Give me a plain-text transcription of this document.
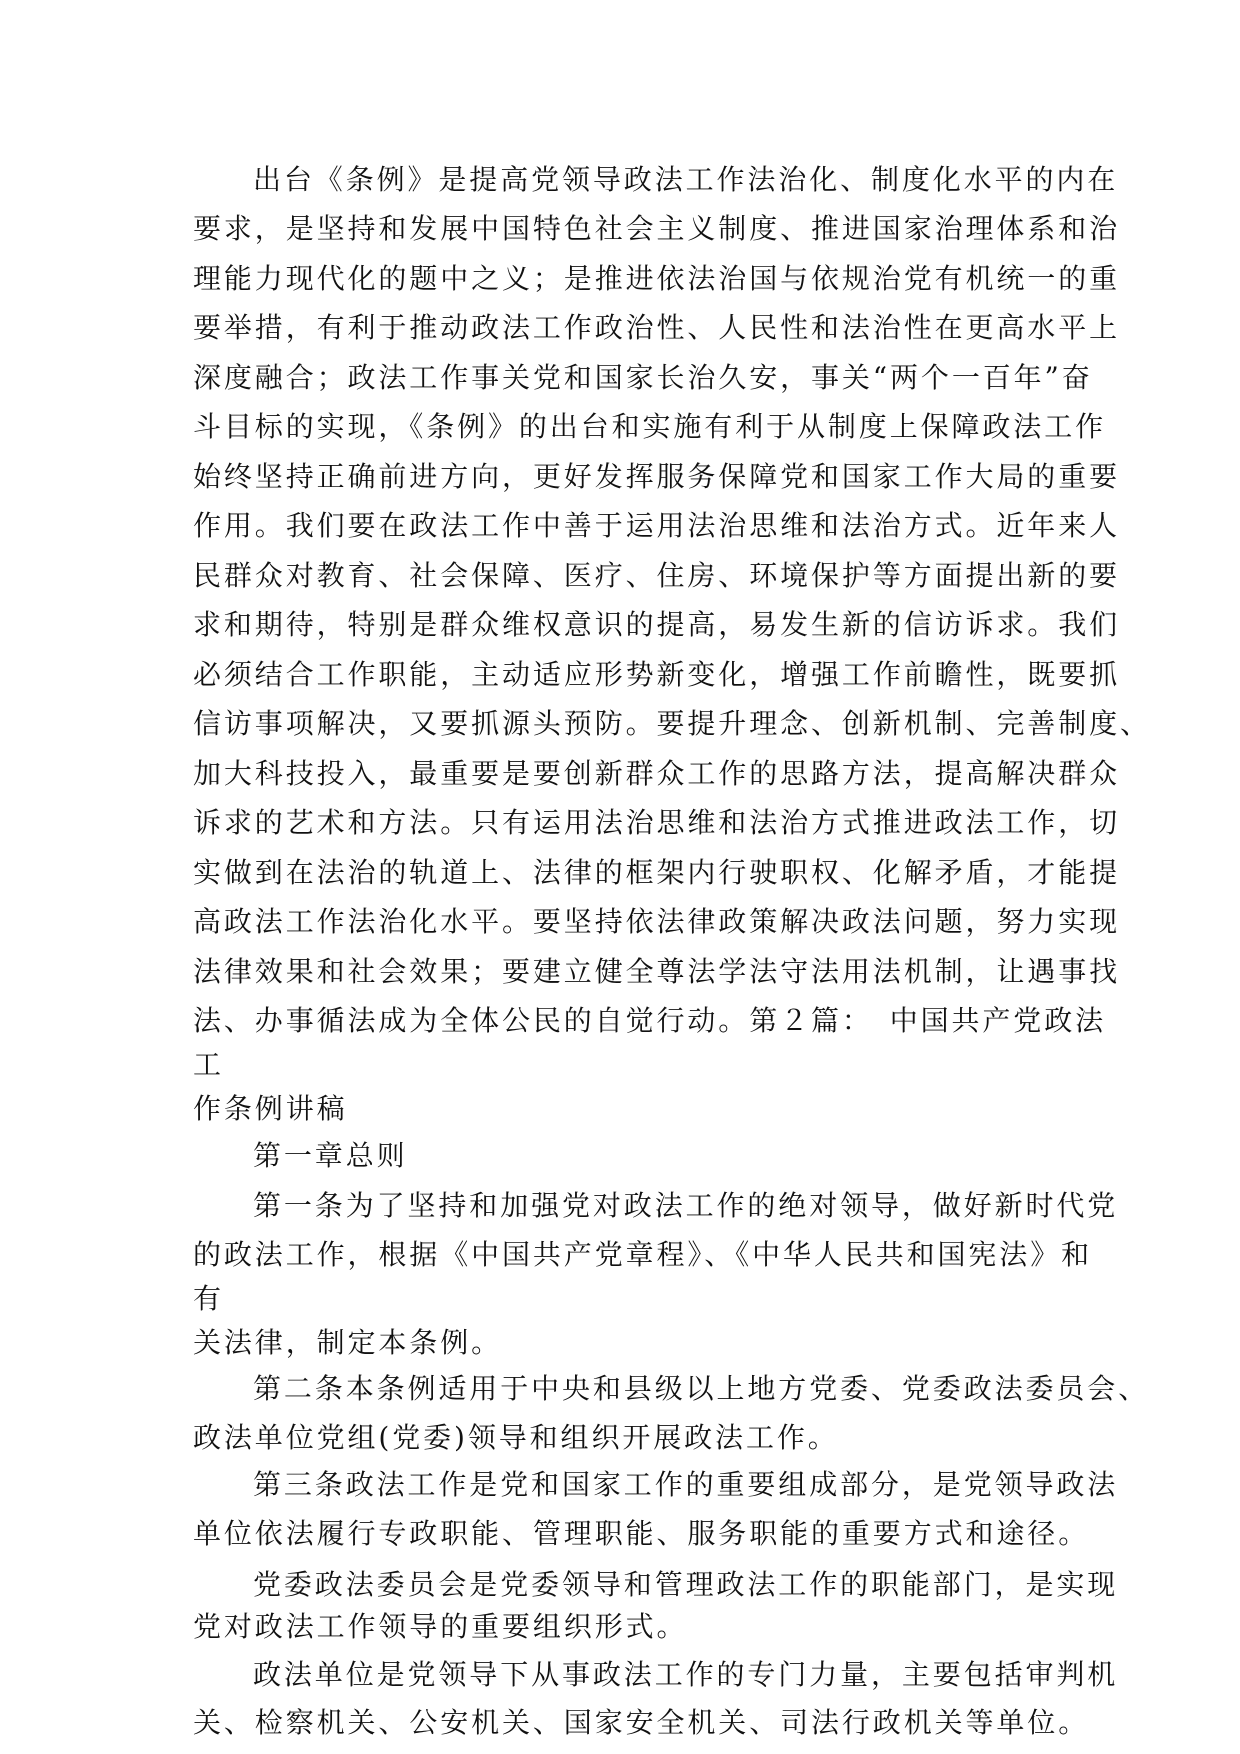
出台《条例》是提高党领导政法工作法治化、制度化水平的内在
要求，是坚持和发展中国特色社会主义制度、推进国家治理体系和治
理能力现代化的题中之义；是推进依法治国与依规治党有机统一的重
要举措，有利于推动政法工作政治性、人民性和法治性在更高水平上
深度融合；政法工作事关党和国家长治久安，事关“两个一百年”奋
斗目标的实现，《条例》的出台和实施有利于从制度上保障政法工作
始终坚持正确前进方向，更好发挥服务保障党和国家工作大局的重要
作用。我们要在政法工作中善于运用法治思维和法治方式。近年来人
民群众对教育、社会保障、医疗、住房、环境保护等方面提出新的要
求和期待，特别是群众维权意识的提高，易发生新的信访诉求。我们
必须结合工作职能，主动适应形势新变化，增强工作前瞻性，既要抓
信访事项解决，又要抓源头预防。要提升理念、创新机制、完善制度、
加大科技投入，最重要是要创新群众工作的思路方法，提高解决群众
诉求的艺术和方法。只有运用法治思维和法治方式推进政法工作，切
实做到在法治的轨道上、法律的框架内行驶职权、化解矛盾，才能提
高政法工作法治化水平。要坚持依法律政策解决政法问题，努力实现
法律效果和社会效果；要建立健全尊法学法守法用法机制，让遇事找
法、办事循法成为全体公民的自觉行动。第２篇：　中国共产党政法
工
作条例讲稿
第一章总则
第一条为了坚持和加强党对政法工作的绝对领导，做好新时代党
的政法工作，根据《中国共产党章程》、《中华人民共和国宪法》和
有
关法律，制定本条例。
第二条本条例适用于中央和县级以上地方党委、党委政法委员会、
政法单位党组(党委)领导和组织开展政法工作。
第三条政法工作是党和国家工作的重要组成部分，是党领导政法
单位依法履行专政职能、管理职能、服务职能的重要方式和途径。
党委政法委员会是党委领导和管理政法工作的职能部门，是实现
党对政法工作领导的重要组织形式。
政法单位是党领导下从事政法工作的专门力量，主要包括审判机
关、检察机关、公安机关、国家安全机关、司法行政机关等单位。
